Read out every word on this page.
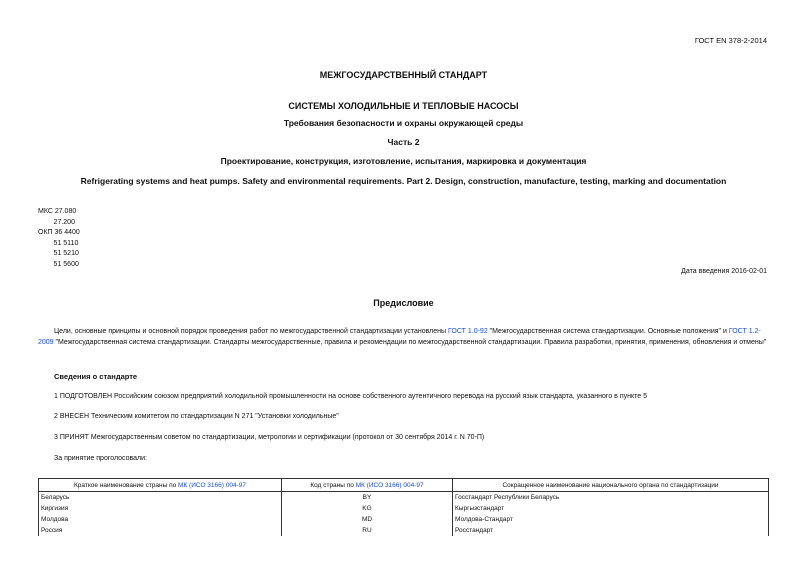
ГОСТ EN 378-2-2014
МЕЖГОСУДАРСТВЕННЫЙ СТАНДАРТ
СИСТЕМЫ ХОЛОДИЛЬНЫЕ И ТЕПЛОВЫЕ НАСОСЫ
Требования безопасности и охраны окружающей среды
Часть 2
Проектирование, конструкция, изготовление, испытания, маркировка и документация
Refrigerating systems and heat pumps. Safety and environmental requirements. Part 2. Design, construction, manufacture, testing, marking and documentation
МКС 27.080
27.200
ОКП 36 4400
51 5110
51 5210
51 5600
Дата введения 2016-02-01
Предисловие
Цели, основные принципы и основной порядок проведения работ по межгосударственной стандартизации установлены ГОСТ 1.0-92 "Межгосударственная система стандартизации. Основные положения" и ГОСТ 1.2-2009 "Межгосударственная система стандартизации. Стандарты межгосударственные, правила и рекомендации по межгосударственной стандартизации. Правила разработки, принятия, применения, обновления и отмены"
Сведения о стандарте
1 ПОДГОТОВЛЕН Российским союзом предприятий холодильной промышленности на основе собственного аутентичного перевода на русский язык стандарта, указанного в пункте 5
2 ВНЕСЕН Техническим комитетом по стандартизации N 271 "Установки холодильные"
3 ПРИНЯТ Межгосударственным советом по стандартизации, метрологии и сертификации (протокол от 30 сентября 2014 г. N 70-П)
За принятие проголосовали:
Краткое наименование страны по МК (ИСО 3166) 004-97	Код страны по МК (ИСО 3166) 004-97	Сокращенное наименование национального органа по стандартизации
Беларусь	BY	Госстандарт Республики Беларусь
Киргизия	KG	Кыргызстандарт
Молдова	MD	Молдова-Стандарт
Россия	RU	Росстандарт
